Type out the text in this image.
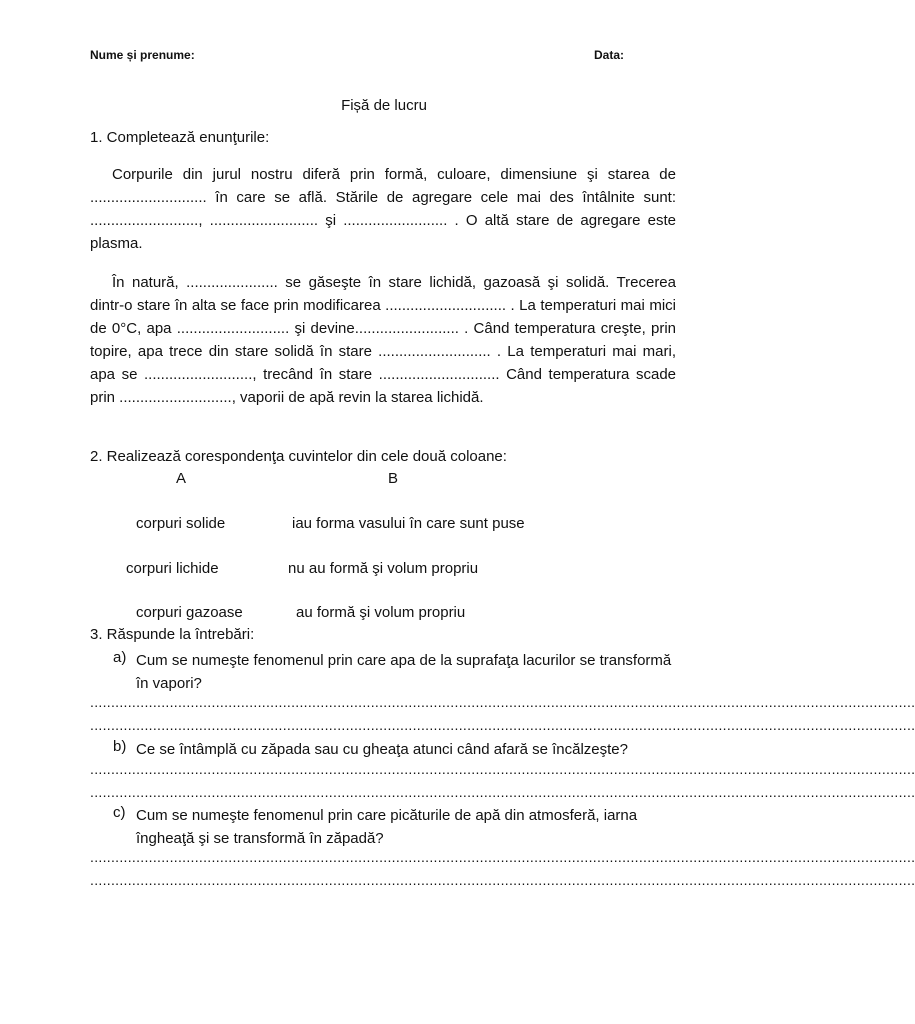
Nume și prenume:	Data:
Fișă de lucru
1. Completează enunţurile:
Corpurile din jurul nostru diferă prin formă, culoare, dimensiune şi starea de ............................ în care se află. Stările de agregare cele mai des întâlnite sunt: .........................., .......................... şi ......................... . O altă stare de agregare este plasma.
În natură, ...................... se găseşte în stare lichidă, gazoasă şi solidă. Trecerea dintr-o stare în alta se face prin modificarea ............................. . La temperaturi mai mici de 0°C, apa ........................... şi devine......................... . Când temperatura creşte, prin topire, apa trece din stare solidă în stare ........................... . La temperaturi mai mari, apa se .........................., trecând în stare ............................. Când temperatura scade prin ..........................., vaporii de apă revin la starea lichidă.
2. Realizează corespondenţa cuvintelor din cele două coloane:
A	B
corpuri solide	iau forma vasului în care sunt puse
corpuri lichide	nu au formă şi volum propriu
corpuri gazoase	au formă şi volum propriu
3. Răspunde la întrebări:
a) Cum se numeşte fenomenul prin care apa de la suprafaţa lacurilor se transformă în vapori?
.....................................................................................................................................................................................................
.....................................................................................................................................................................................................
b) Ce se întâmplă cu zăpada sau cu gheaţa atunci când afară se încălzeşte?
.....................................................................................................................................................................................................
.....................................................................................................................................................................................................
c) Cum se numeşte fenomenul prin care picăturile de apă din atmosferă, iarna îngheaţă şi se transformă în zăpadă?
.....................................................................................................................................................................................................
.....................................................................................................................................................................................................
